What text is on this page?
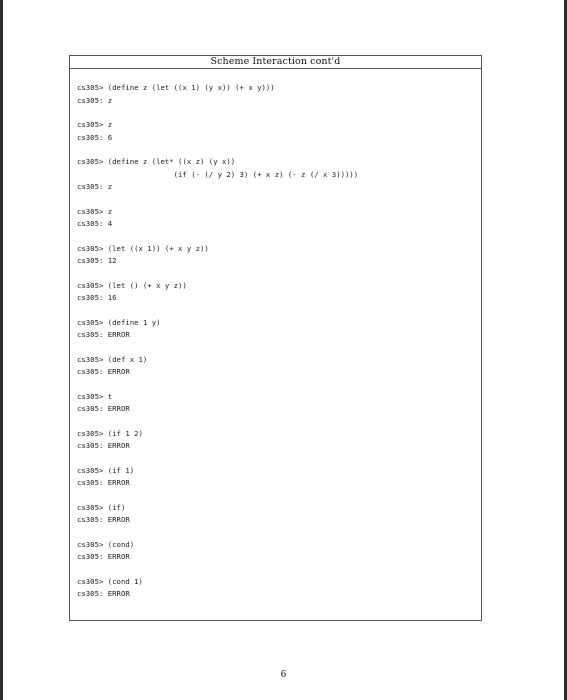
Scheme Interaction cont'd
cs305> (define z (let ((x 1) (y x)) (+ x y)))
cs305: z
cs305> z
cs305: 6
cs305> (define z (let* ((x z) (y x))
(if (- (/ y 2) 3) (+ x z) (- z (/ x 3)))))
cs305: z
cs305> z
cs305: 4
cs305> (let ((x 1)) (+ x y z))
cs305: 12
cs305> (let () (+ x y z))
cs305: 16
cs305> (define 1 y)
cs305: ERROR
cs305> (def x 1)
cs305: ERROR
cs305> t
cs305: ERROR
cs305> (if 1 2)
cs305: ERROR
cs305> (if 1)
cs305: ERROR
cs305> (if)
cs305: ERROR
cs305> (cond)
cs305: ERROR
cs305> (cond 1)
cs305: ERROR
6
